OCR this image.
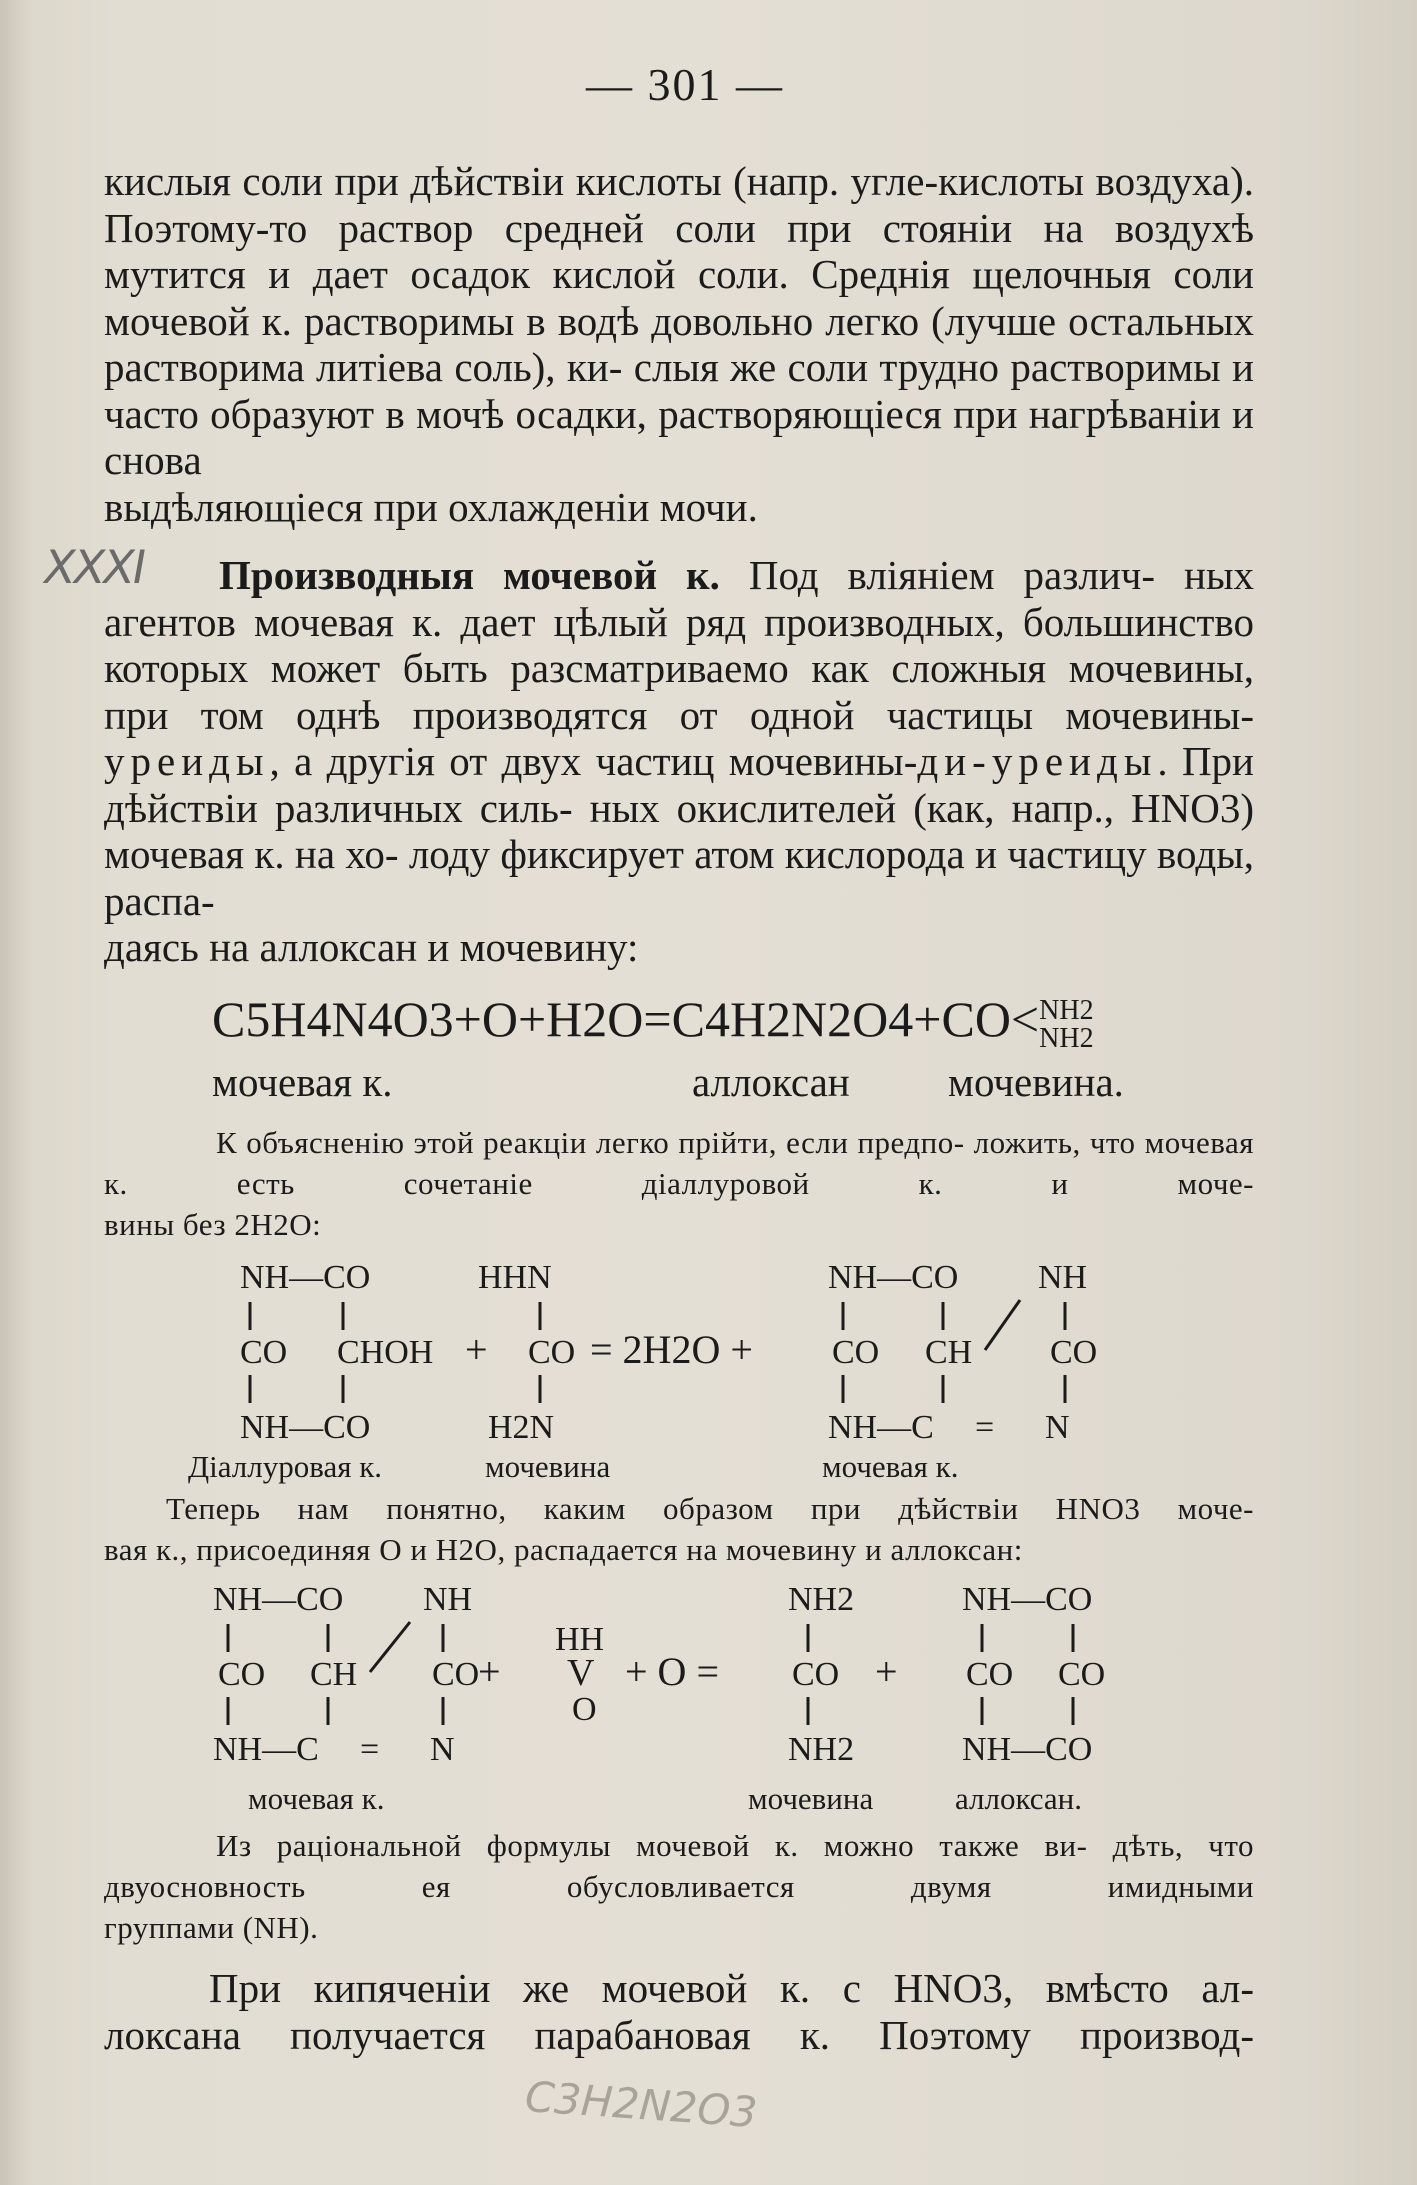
— 301 —
XXXI
кислыя соли при дѣйствіи кислоты (напр. угле-кислоты воздуха). Поэтому-то раствор средней соли при стояніи на воздухѣ мутится и дает осадок кислой соли. Среднія щелочныя соли мочевой к. растворимы в водѣ довольно легко (лучше остальных растворима литіева соль), ки- слыя же соли трудно растворимы и часто образуют в мочѣ осадки, растворяющіеся при нагрѣваніи и снова
выдѣляющіеся при охлажденіи мочи.
Производныя мочевой к. Под вліяніем различ- ных агентов мочевая к. дает цѣлый ряд производных, большинство которых может быть разсматриваемо как сложныя мочевины, при том однѣ производятся от одной частицы мочевины-уреиды, а другія от двух частиц мочевины-ди-уреиды. При дѣйствіи различных силь- ных окислителей (как, напр., HNO3) мочевая к. на хо- лоду фиксирует атом кислорода и частицу воды, распа-
даясь на аллоксан и мочевину:
C5H4N4O3+O+H2O=C4H2N2O4+CO<NH2
NH2
мочевая к.	аллоксан мочевина.
К объясненію этой реакціи легко прійти, если предпо- ложить, что мочевая к. есть сочетаніе діаллуровой к. и моче-
вины без 2H2O:
NH—CO
CO CHOH
NH—CO
+
HHN
CO
H2N
= 2H2O +
NH—CO NH
CO CH CO
NH—C = N
Діаллуровая к.	мочевина	мочевая к.
Теперь нам понятно, каким образом при дѣйствіи HNO3 моче-
вая к., присоединяя O и H2O, распадается на мочевину и аллоксан:
NH—CO NH
CO CH CO
NH—C = N
+
HH
V
O
+ O =
NH2
CO
NH2
+
NH—CO
CO CO
NH—CO
мочевая к.	мочевина	аллоксан.
Из раціональной формулы мочевой к. можно также ви- дѣть, что двуосновность ея обусловливается двумя имидными
группами (NH).
При кипяченіи же мочевой к. с HNO3, вмѣсто ал-
локсана получается парабановая к. Поэтому производ-
C3H2N2O3
